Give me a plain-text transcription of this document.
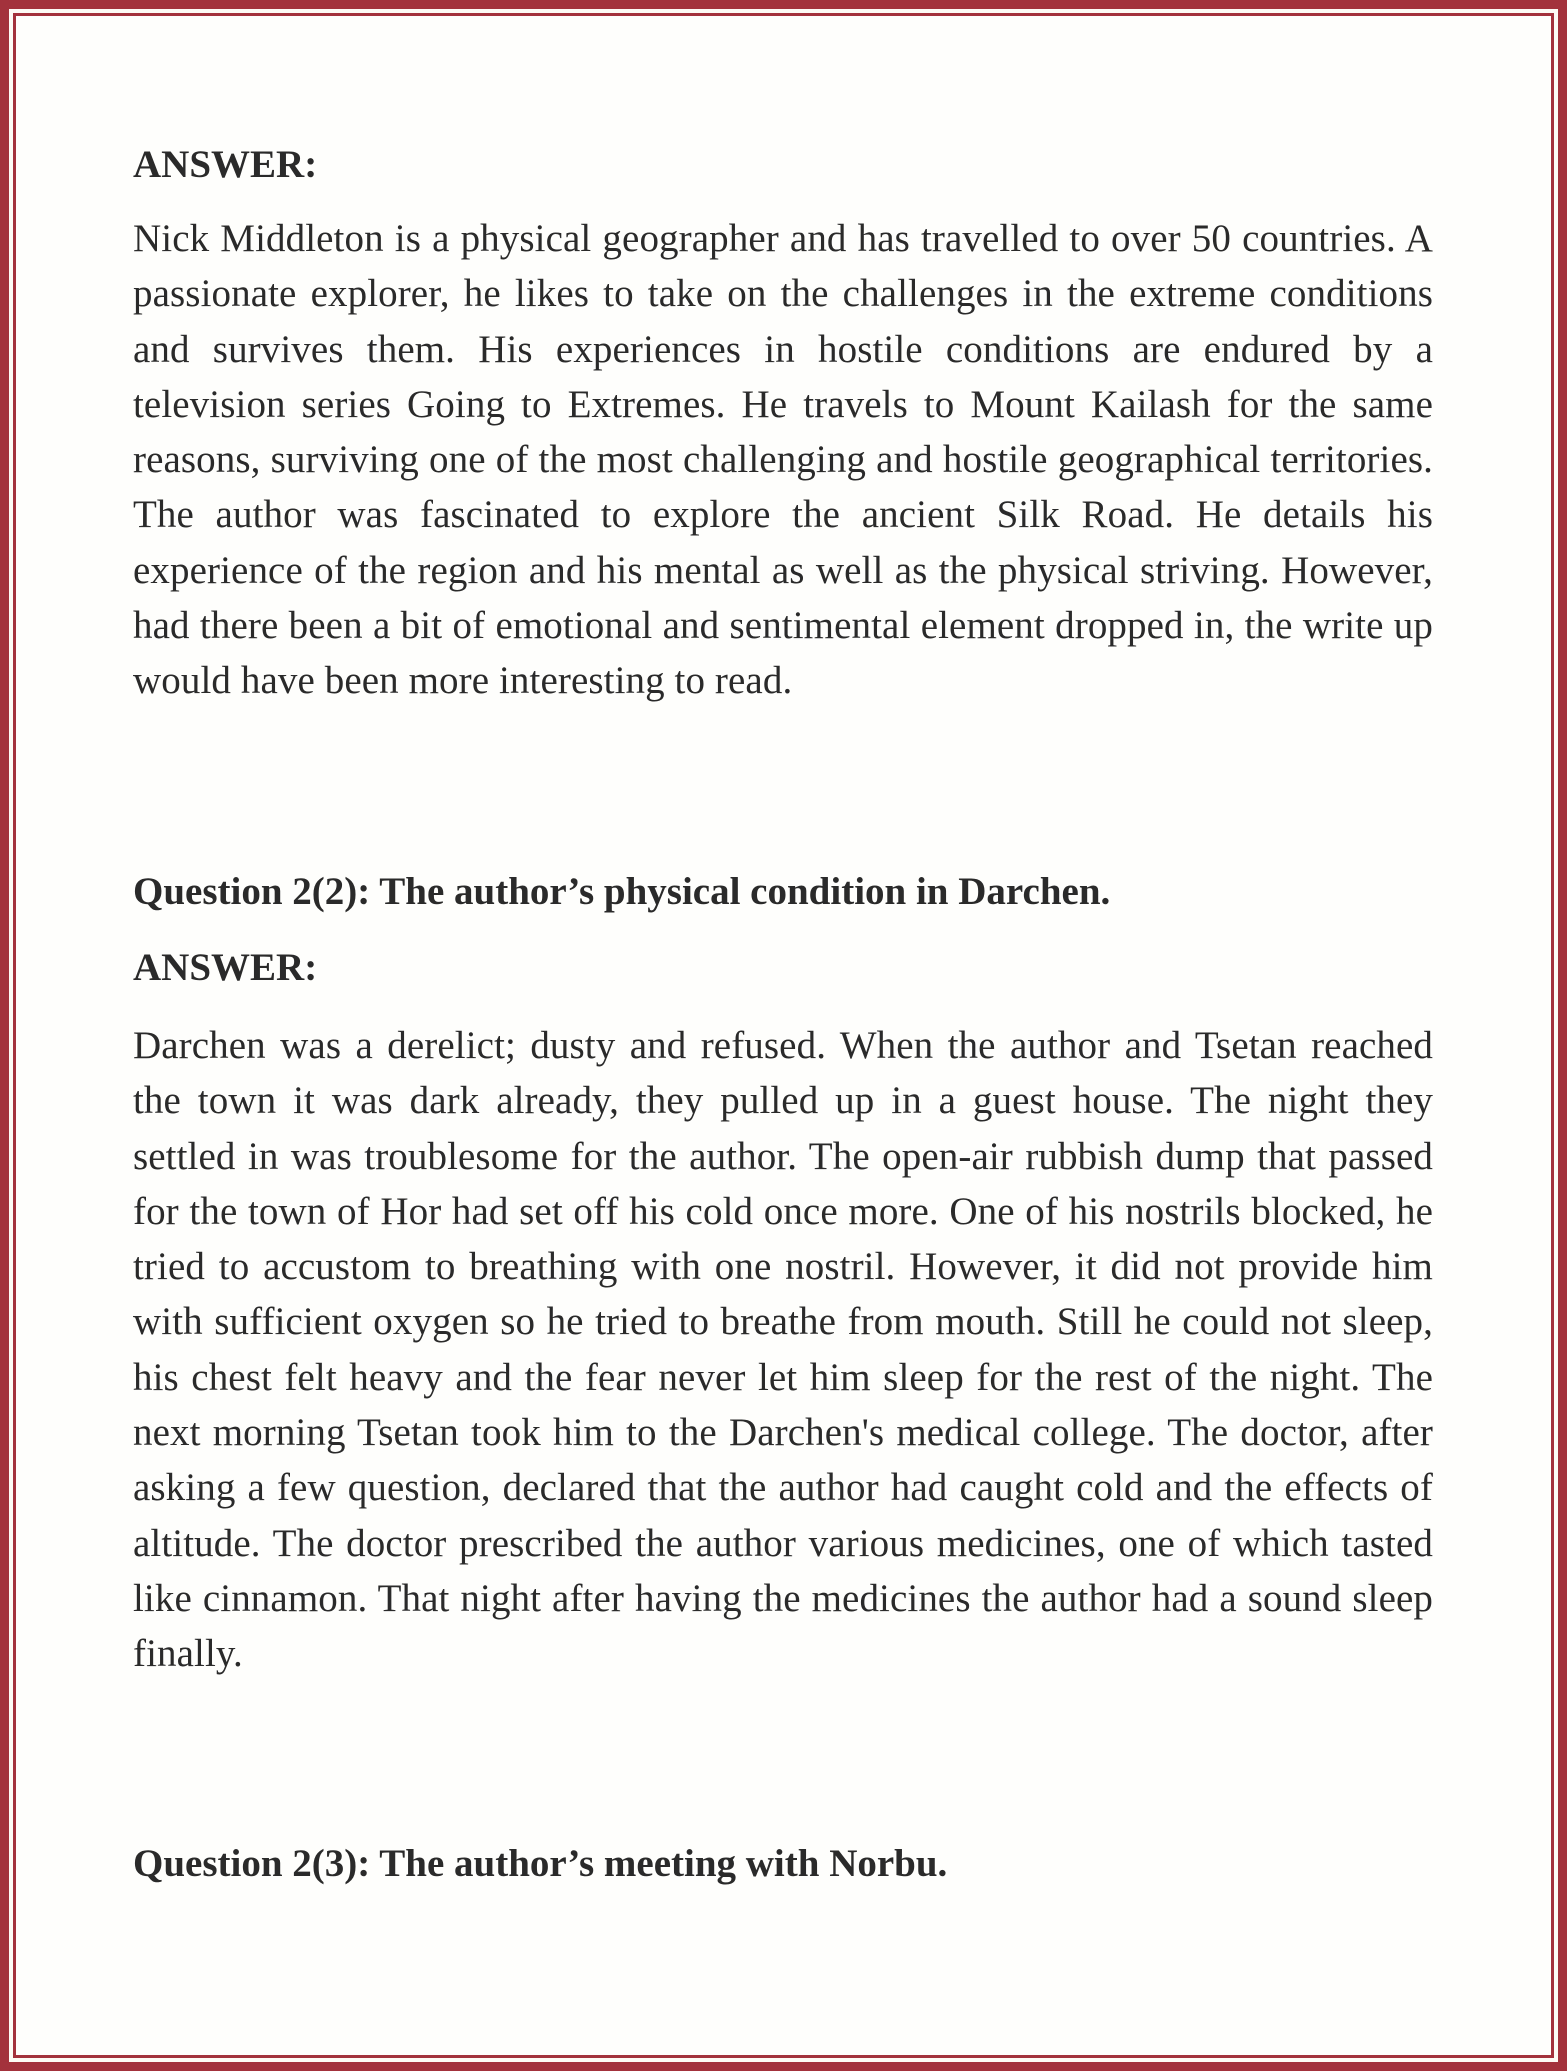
ANSWER:

Nick Middleton is a physical geographer and has travelled to over 50 countries. A passionate explorer, he likes to take on the challenges in the extreme conditions and survives them. His experiences in hostile conditions are endured by a television series Going to Extremes. He travels to Mount Kailash for the same reasons, surviving one of the most challenging and hostile geographical territories. The author was fascinated to explore the ancient Silk Road. He details his experience of the region and his mental as well as the physical striving. However, had there been a bit of emotional and sentimental element dropped in, the write up would have been more interesting to read.

Question 2(2): The author’s physical condition in Darchen.
ANSWER:

Darchen was a derelict; dusty and refused. When the author and Tsetan reached the town it was dark already, they pulled up in a guest house. The night they settled in was troublesome for the author. The open-air rubbish dump that passed for the town of Hor had set off his cold once more. One of his nostrils blocked, he tried to accustom to breathing with one nostril. However, it did not provide him with sufficient oxygen so he tried to breathe from mouth. Still he could not sleep, his chest felt heavy and the fear never let him sleep for the rest of the night. The next morning Tsetan took him to the Darchen's medical college. The doctor, after asking a few question, declared that the author had caught cold and the effects of altitude. The doctor prescribed the author various medicines, one of which tasted like cinnamon. That night after having the medicines the author had a sound sleep finally.

Question 2(3): The author’s meeting with Norbu.
